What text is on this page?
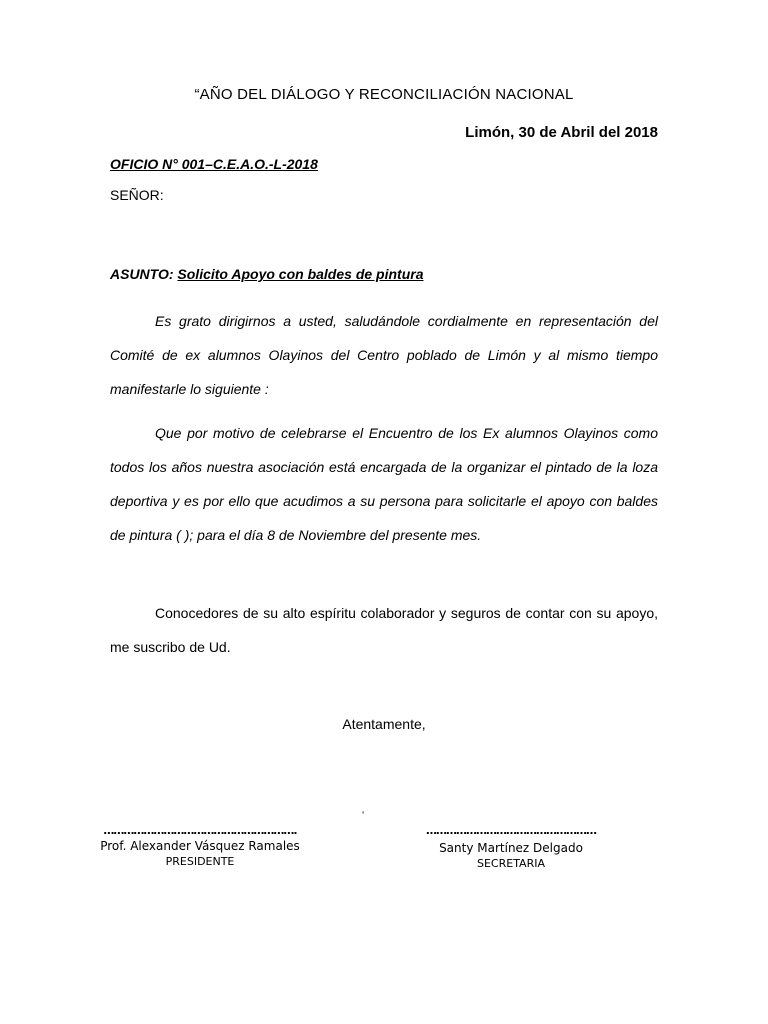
“AÑO DEL DIÁLOGO Y RECONCILIACIÓN NACIONAL
Limón, 30 de Abril del 2018
OFICIO N° 001–C.E.A.O.-L-2018
SEÑOR:
ASUNTO: Solicito Apoyo con baldes de pintura

Es grato dirigirnos a usted, saludándole cordialmente en representación del Comité de ex alumnos Olayinos del Centro poblado de Limón y al mismo tiempo manifestarle lo siguiente :

Que por motivo de celebrarse el Encuentro de los Ex alumnos Olayinos como todos los años nuestra asociación está encargada de la organizar el pintado de la loza deportiva y es por ello que acudimos a su persona para solicitarle el apoyo con baldes de pintura ( ); para el día 8 de Noviembre del presente mes.

Conocedores de su alto espíritu colaborador y seguros de contar con su apoyo, me suscribo de Ud.

Atentamente,
‘
………………………………………………….
Prof. Alexander Vásquez Ramales
PRESIDENTE
……………………………………………
Santy Martínez Delgado
SECRETARIA
